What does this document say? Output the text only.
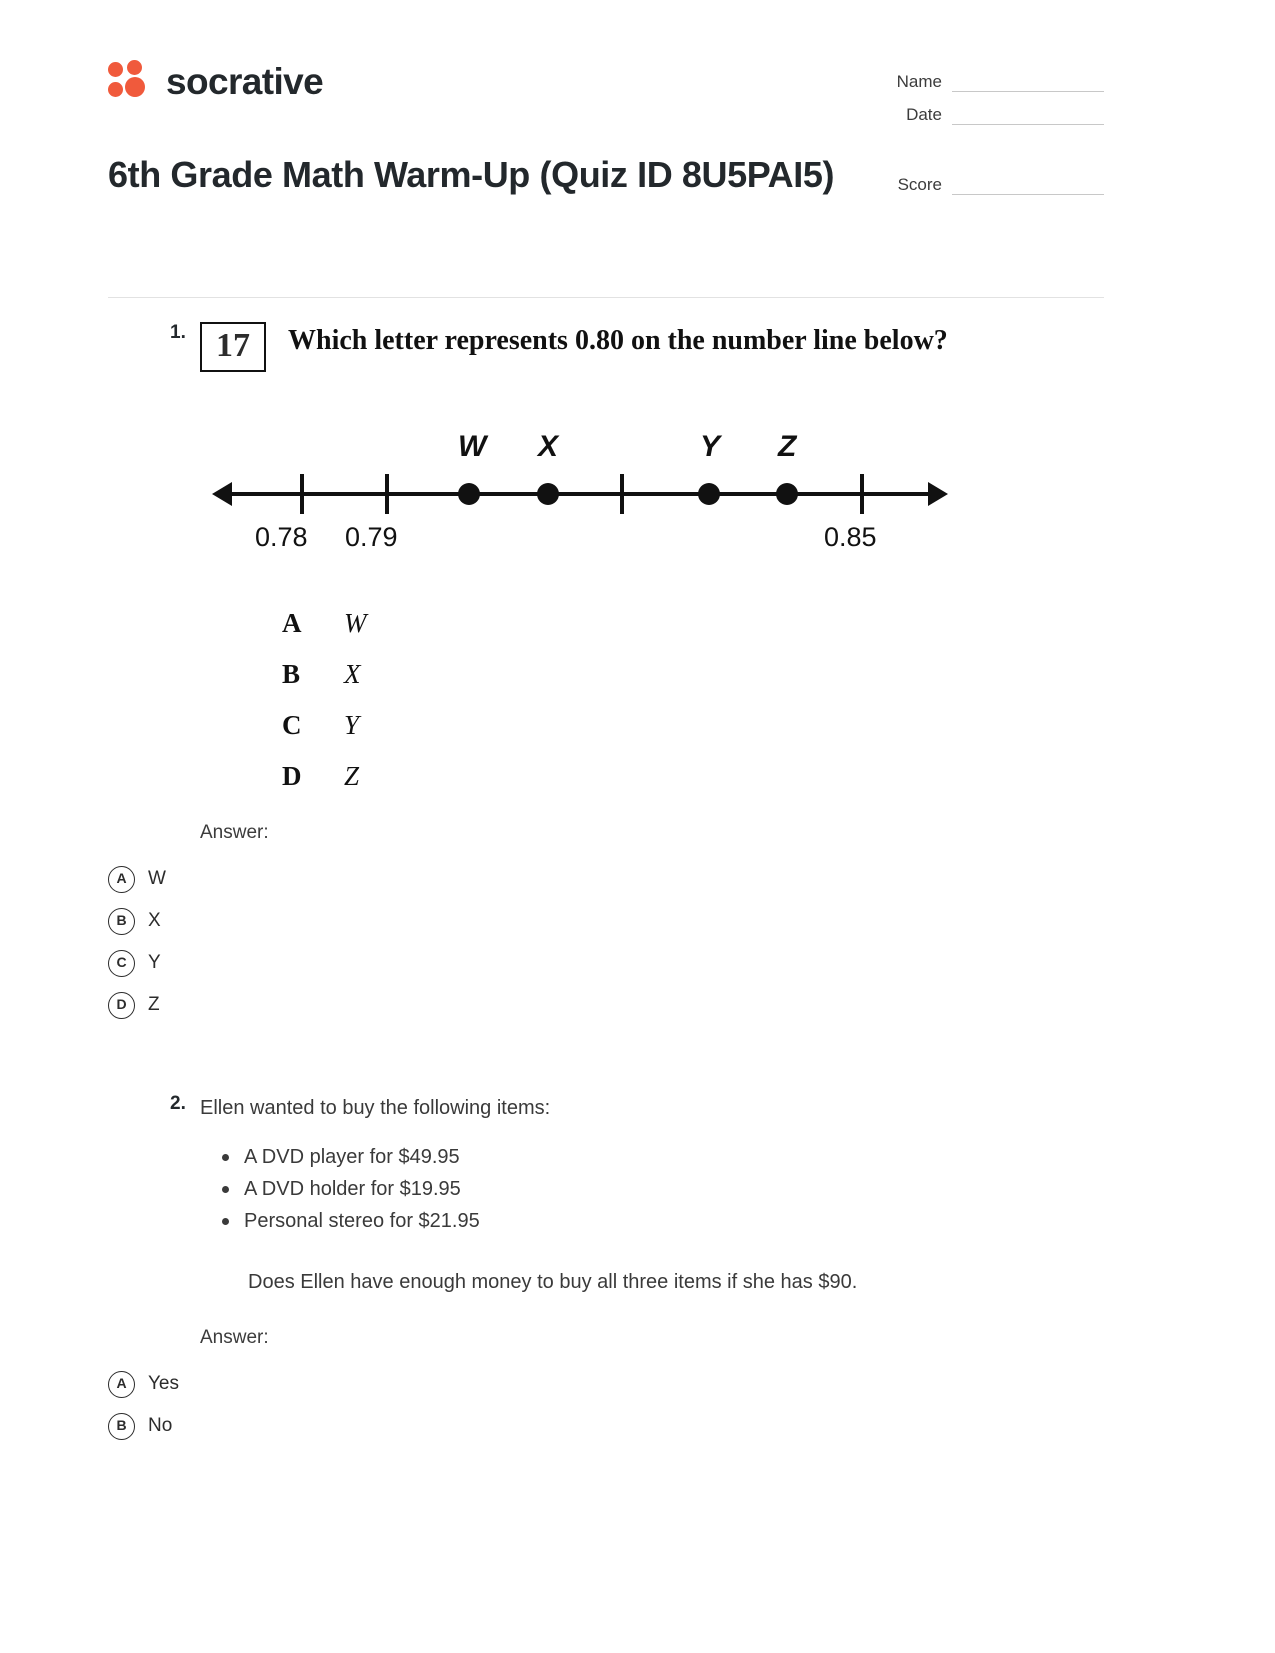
socrative
6th Grade Math Warm-Up (Quiz ID 8U5PAI5)
Name
Date
Score
1. 17	Which letter represents 0.80 on the number line below?
W X	Y Z
0.78 0.79	0.85
A	W
B	X
C	Y
D	Z
Answer:
A	W
B	X
C	Y
D	Z
2. Ellen wanted to buy the following items:
A DVD player for $49.95
A DVD holder for $19.95
Personal stereo for $21.95
Does Ellen have enough money to buy all three items if she has $90.
Answer:
A	Yes
B	No
